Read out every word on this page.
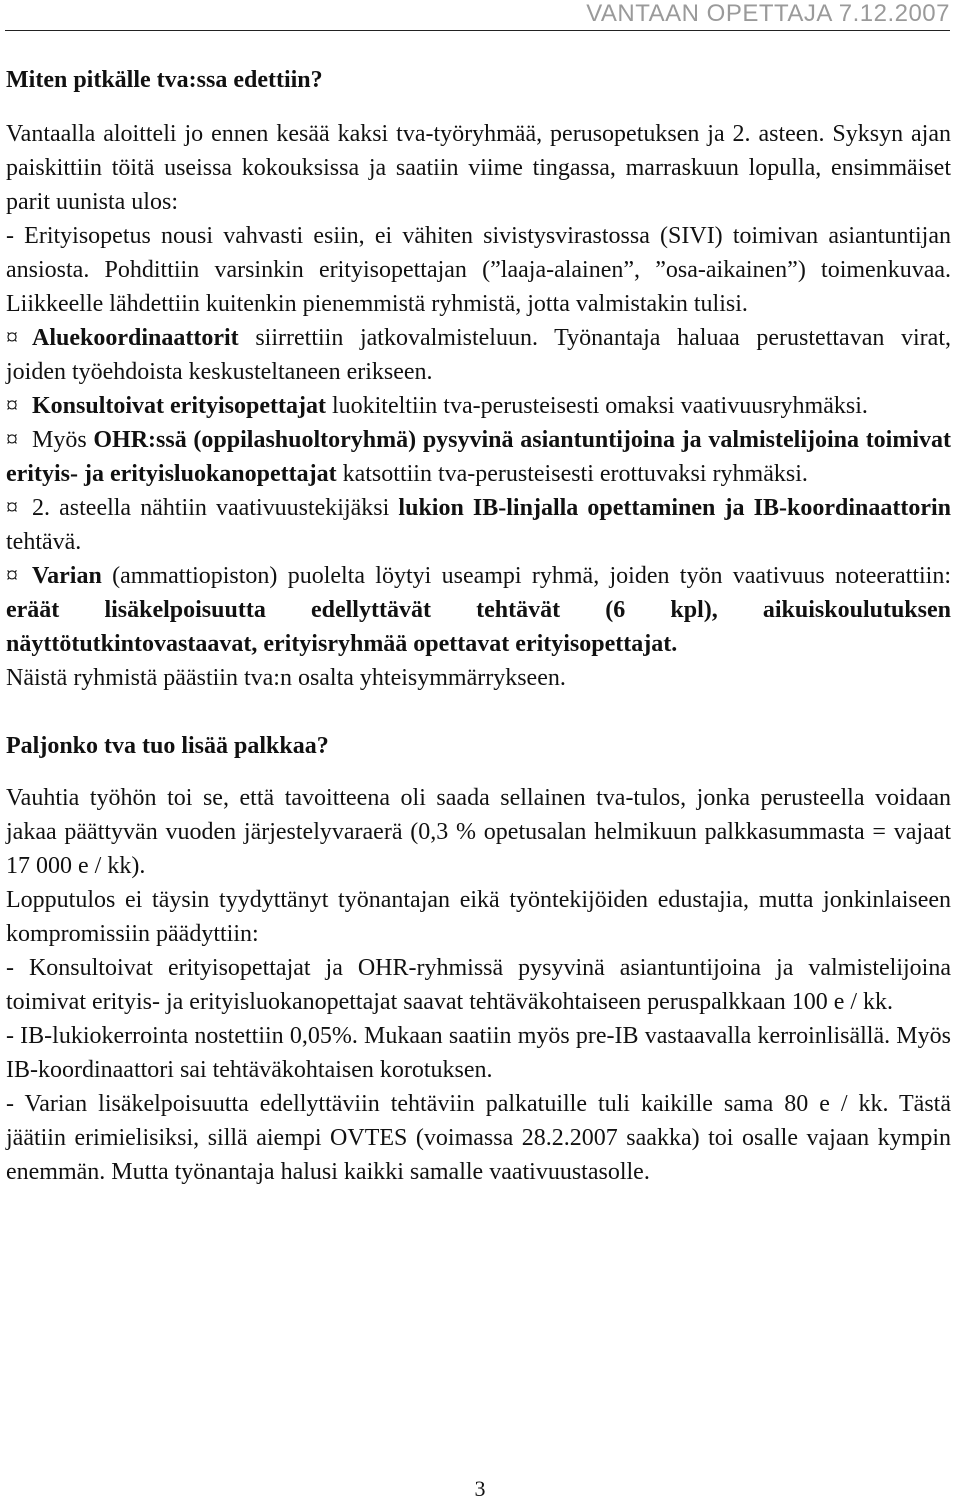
VANTAAN OPETTAJA 7.12.2007
Miten pitkälle tva:ssa edettiin?

Vantaalla aloitteli jo ennen kesää kaksi tva-työryhmää, perusopetuksen ja 2. asteen. Syksyn ajan paiskittiin töitä useissa kokouksissa ja saatiin viime tingassa, marraskuun lopulla, ensimmäiset parit uunista ulos:

- Erityisopetus nousi vahvasti esiin, ei vähiten sivistysvirastossa (SIVI) toimivan asiantuntijan ansiosta. Pohdittiin varsinkin erityisopettajan (”laaja-alainen”, ”osa-aikainen”) toimenkuvaa. Liikkeelle lähdettiin kuitenkin pienemmistä ryhmistä, jotta valmistakin tulisi.

¤ Aluekoordinaattorit siirrettiin jatkovalmisteluun. Työnantaja haluaa perustettavan virat, joiden työehdoista keskusteltaneen erikseen.

¤ Konsultoivat erityisopettajat luokiteltiin tva-perusteisesti omaksi vaativuusryhmäksi.

¤ Myös OHR:ssä (oppilashuoltoryhmä) pysyvinä asiantuntijoina ja valmistelijoina toimivat erityis- ja erityisluokanopettajat katsottiin tva-perusteisesti erottuvaksi ryhmäksi.

¤ 2. asteella nähtiin vaativuustekijäksi lukion IB-linjalla opettaminen ja IB-koordinaattorin tehtävä.

¤ Varian (ammattiopiston) puolelta löytyi useampi ryhmä, joiden työn vaativuus noteerattiin: eräät lisäkelpoisuutta edellyttävät tehtävät (6 kpl), aikuiskoulutuksen näyttötutkintovastaavat, erityisryhmää opettavat erityisopettajat.

Näistä ryhmistä päästiin tva:n osalta yhteisymmärrykseen.

Paljonko tva tuo lisää palkkaa?

Vauhtia työhön toi se, että tavoitteena oli saada sellainen tva-tulos, jonka perusteella voidaan jakaa päättyvän vuoden järjestelyvaraerä (0,3 % opetusalan helmikuun palkkasummasta = vajaat 17 000 e / kk).

Lopputulos ei täysin tyydyttänyt työnantajan eikä työntekijöiden edustajia, mutta jonkinlaiseen kompromissiin päädyttiin:

- Konsultoivat erityisopettajat ja OHR-ryhmissä pysyvinä asiantuntijoina ja valmistelijoina toimivat erityis- ja erityisluokanopettajat saavat tehtäväkohtaiseen peruspalkkaan 100 e / kk.

- IB-lukiokerrointa nostettiin 0,05%. Mukaan saatiin myös pre-IB vastaavalla kerroinlisällä. Myös IB-koordinaattori sai tehtäväkohtaisen korotuksen.

- Varian lisäkelpoisuutta edellyttäviin tehtäviin palkatuille tuli kaikille sama 80 e / kk. Tästä jäätiin erimielisiksi, sillä aiempi OVTES (voimassa 28.2.2007 saakka) toi osalle vajaan kympin enemmän. Mutta työnantaja halusi kaikki samalle vaativuustasolle.

3
